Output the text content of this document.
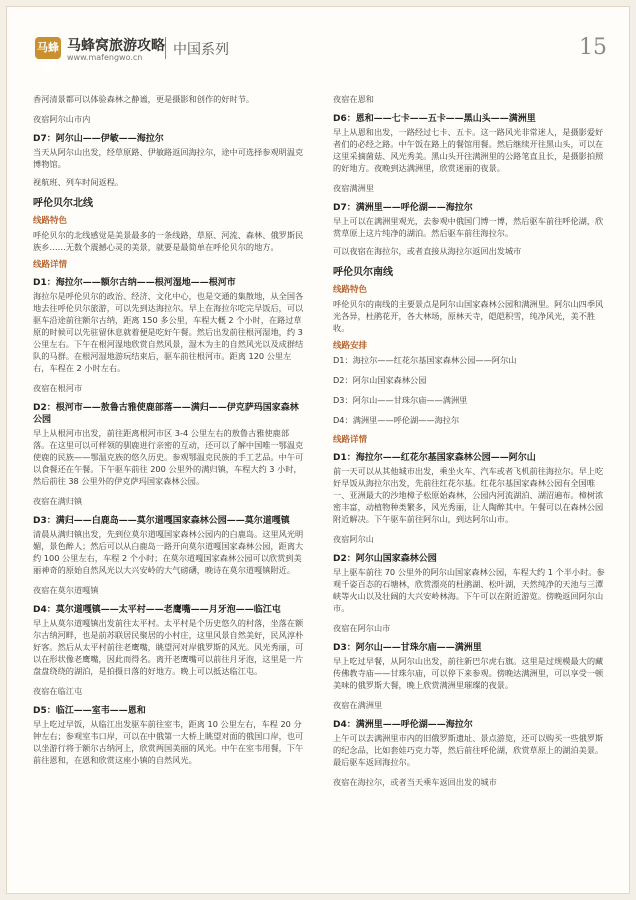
马蜂窝
马蜂窝旅游攻略
www.mafengwo.cn 中国系列	15

香河清景都可以体验森林之静谧，更是摄影和创作的好时节。

夜宿阿尔山市内

D7：阿尔山——伊敏——海拉尔

当天从阿尔山出发，经草原路、伊敏路返回海拉尔，途中可选择参观明温克博物馆。

视航班、列车时间返程。

呼伦贝尔北线
线路特色

呼伦贝尔的北线感觉是美景最多的一条线路，草原、河流、森林、俄罗斯民族乡……无数个震撼心灵的美景，就要是最简单在呼伦贝尔的地方。

线路详情
D1：海拉尔——额尔古纳——根河湿地——根河市

海拉尔是呼伦贝尔的政治、经济、文化中心，也是交通的集散地，从全国各地去往呼伦贝尔旅游，可以先到达海拉尔。早上在海拉尔吃完早饭后，可以驱车沿途前往额尔古纳，距离 150 多公里，车程大概 2 个小时，在路过草原的时候可以先驻留休息就着便是吃好午餐。然后出发前往根河湿地，约 3 公里左右。下午在根河湿地欣赏自然风景，湿木为主的自然风光以及成群结队的马群。在根河湿地游玩结束后，驱车前往根河市。距离 120 公里左右，车程在 2 小时左右。

夜宿在根河市

D2：根河市——敖鲁古雅使鹿部落——满归——伊克萨玛国家森林公园

早上从根河市出发，前往距离根河市区 3-4 公里左右的敖鲁古雅使鹿部落。在这里可以可样领的驯鹿进行亲密的互动，还可以了解中国唯一鄂温克使鹿的民族——鄂温克族的悠久历史。参观鄂温克民族的手工艺品。中午可以食餐还在午餐。下午驱车前往 200 公里外的满归镇，车程大约 3 小时，然后前往 38 公里外的伊克萨玛国家森林公园。

夜宿在满归镇

D3：满归——白鹿岛——莫尔道嘎国家森林公园——莫尔道嘎镇

清晨从满归镇出发，先到位莫尔道嘎国家森林公园内的白鹿岛。这里风光明媚，景色醉人；然后可以从白鹿岛一路开向莫尔道嘎国家森林公园，距离大约 100 公里左右，车程 2 个小时；在莫尔道嘎国家森林公园可以欣赏到美丽神奇的原始自然风光以大兴安岭的大气磅礴，晚诗在莫尔道嘎镇附近。

夜宿在莫尔道嘎镇

D4：莫尔道嘎镇——太平村——老鹰嘴——月牙泡——临江屯

早上从莫尔道嘎镇出发前往太平村。太平村是个历史悠久的村落，坐落在额尔古纳河畔，也是前苏联居民聚居的小村庄，这里风景自然美好，民风淳朴好客。然后从太平村前往老鹰嘴，眺望河对岸俄罗斯的风光。风光秀丽，可以在形状像老鹰嘴，因此而得名。离开老鹰嘴可以前往月牙泡，这里是一片盘盘绕绕的湖泊，是拍摄日落的好地方。晚上可以抵达临江屯。

夜宿在临江屯

D5：临江——室韦——恩和

早上吃过早饭，从临江出发驱车前往室韦，距离 10 公里左右，车程 20 分钟左右；参观室韦口岸，可以在中俄第一大桥上眺望对面的俄国口岸，也可以坐游行将于额尔古纳河上，欣赏两国美丽的风光。中午在室韦用餐，下午前往恩和，在恩和欣赏这座小镇的自然风光。

夜宿在恩和

D6：恩和——七卡——五卡——黑山头——满洲里

早上从恩和出发，一路经过七卡、五卡。这一路风光非常迷人，是摄影爱好者们的必经之路。中午饭在路上的餐馆用餐。然后继续开往黑山头，可以在这里采摘菌菇、风光秀美。黑山头开往满洲里的公路笔直且长，是摄影拍照的好地方。夜晚到达满洲里，欣赏迷丽的夜景。

夜宿满洲里

D7：满洲里——呼伦湖——海拉尔

早上可以在满洲里观光，去参观中俄国门博一博，然后驱车前往呼伦湖，欣赏草原上这片纯净的湖泊。然后驱车前往海拉尔。

可以夜宿在海拉尔，或者直接从海拉尔返回出发城市

呼伦贝尔南线
线路特色

呼伦贝尔的南线的主要景点是阿尔山国家森林公园和满洲里。阿尔山四季风光各异，杜鹃花开，各大林场，原林天寺，皑皑积雪，纯净风光，美不胜收。

线路安排

D1：海拉尔——红花尔基国家森林公园——阿尔山

D2：阿尔山国家森林公园

D3：阿尔山——甘珠尔庙——满洲里

D4：满洲里——呼伦湖——海拉尔

线路详情
D1：海拉尔——红花尔基国家森林公园——阿尔山

前一天可以从其他城市出发，乘坐火车、汽车或者飞机前往海拉尔。早上吃好早饭从海拉尔出发，先前往红花尔基。红花尔基国家森林公园有全国唯一、亚洲最大的沙地樟子松原始森林，公园内河流湖泊、湖沼遍布。樟树浓密丰富，动植物种类繁多，风光秀丽，让人陶醉其中。午餐可以在森林公园附近解决。下午驱车前往阿尔山，到达阿尔山市。

夜宿阿尔山

D2：阿尔山国家森林公园

早上驱车前往 70 公里外的阿尔山国家森林公园，车程大约 1 个半小时。参观千姿百态的石塘林，欣赏漂亮的杜鹃湖、松叶湖，天然纯净的天池与三潭峡等火山以及壮阔的大兴安岭林海。下午可以在附近游览。傍晚返回阿尔山市。

夜宿在阿尔山市

D3：阿尔山——甘珠尔庙——满洲里

早上吃过早餐，从阿尔山出发，前往新巴尔虎右旗。这里是过规模最大的藏传佛教寺庙——甘珠尔庙，可以停下来参观。傍晚达满洲里，可以享受一顿美味的俄罗斯大餐，晚上欣赏满洲里璀璨的夜景。

夜宿在满洲里

D4：满洲里——呼伦湖——海拉尔

上午可以去满洲里市内的旧俄罗斯遗址、景点游览，还可以购买一些俄罗斯的纪念品，比如套娃巧克力等，然后前往呼伦湖，欣赏草原上的湖泊美景。最后驱车返回海拉尔。

夜宿在海拉尔，或者当天乘车返回出发的城市
